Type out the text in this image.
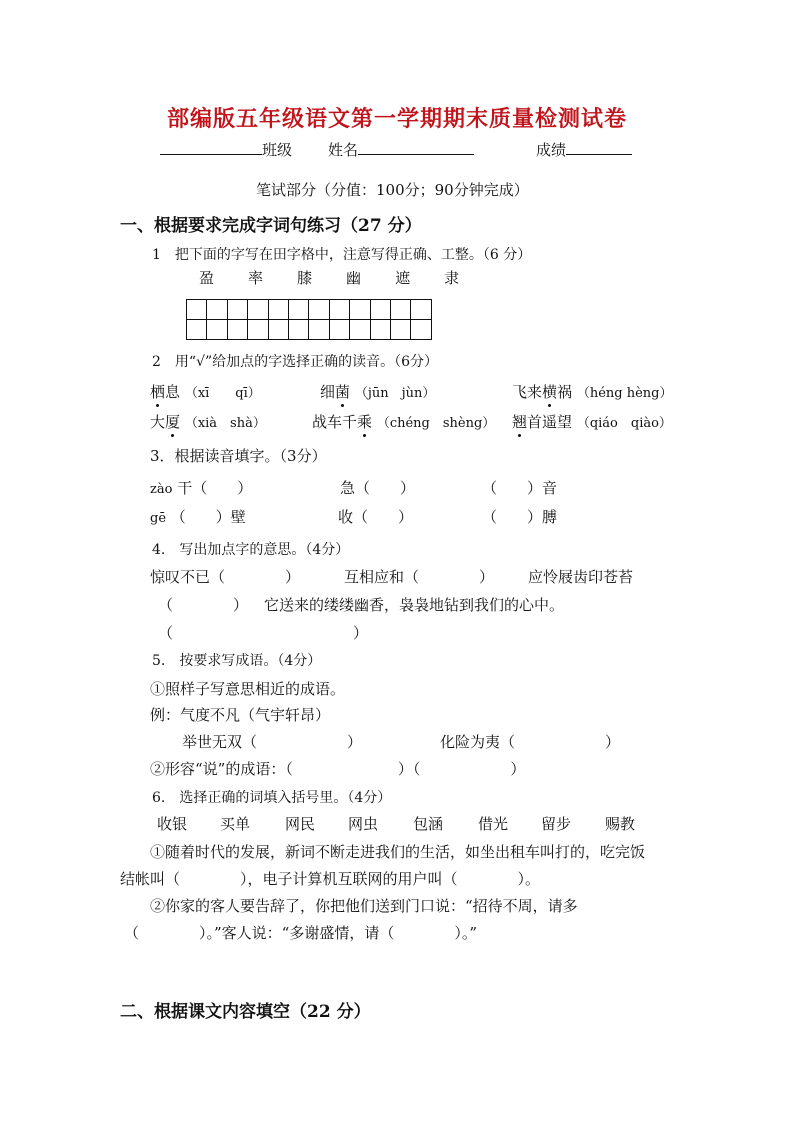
部编版五年级语文第一学期期末质量检测试卷
班级 姓名	成绩
笔试部分（分值：100分；90分钟完成）
一、根据要求完成字词句练习（27 分）
1　把下面的字写在田字格中，注意写得正确、工整。（6 分）
盈 率 膝 幽 遮 隶

2　用“√”给加点的字选择正确的读音。（6分）
栖息 （xī　　qī）	细菌 （jūn　jùn）	飞来横祸 （héng hèng）
大厦 （xià　shà）	战车千乘 （chéng　shèng） 翘首遥望 （qiáo　qiào）
3．根据读音填字。（3分）
zào 干（　　）	急（　　）	（　　）音
gē （　　）壁	收（　　）	（　　）膊
4.　写出加点字的意思。（4分）
惊叹不已（　　　　）	互相应和（　　　　） 应怜屐齿印苍苔
（　　　　） 它送来的缕缕幽香，袅袅地钻到我们的心中。
（　　　　　　　　　　　　）
5.　按要求写成语。（4分）
①照样子写意思相近的成语。
例：气度不凡（气宇轩昂）
举世无双（　　　　　　）	化险为夷（　　　　　　）
②形容“说”的成语：（　　　　　　　）（　　　　　　）
6.　选择正确的词填入括号里。（4分）
收银 买单 网民 网虫 包涵 借光 留步 赐教
①随着时代的发展，新词不断走进我们的生活，如坐出租车叫打的，吃完饭
结帐叫（　　　　），电子计算机互联网的用户叫（　　　　）。
②你家的客人要告辞了，你把他们送到门口说：“招待不周，请多
（　　　　）。”客人说：“多谢盛情，请（　　　　）。”
二、根据课文内容填空（22 分）
